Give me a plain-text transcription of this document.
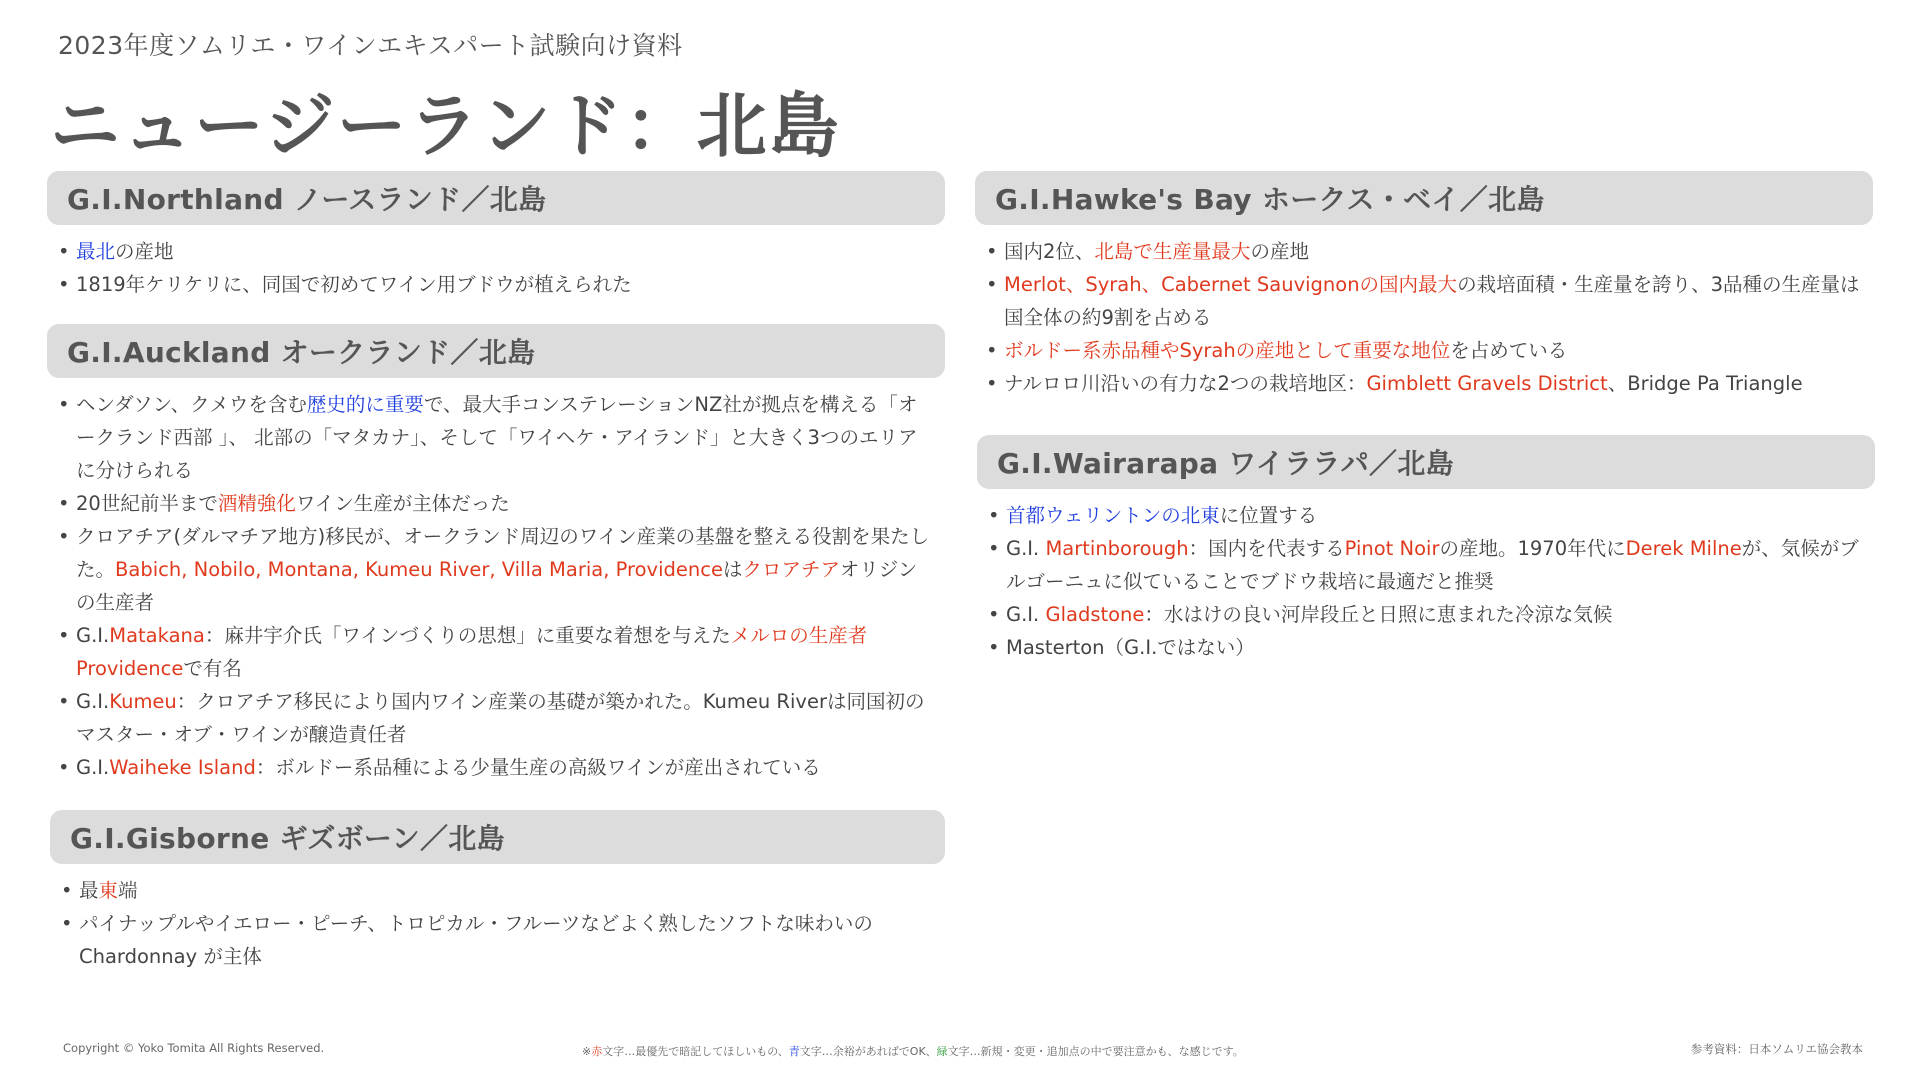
2023年度ソムリエ・ワインエキスパート試験向け資料
ニュージーランド：北島
G.I.Northland ノースランド／北島
• 最北の産地
• 1819年ケリケリに、同国で初めてワイン用ブドウが植えられた
G.I.Auckland オークランド／北島
• ヘンダソン、クメウを含む歴史的に重要で、最大手コンステレーションNZ社が拠点を構える「オークランド西部 」、 北部の「マタカナ」、そして「ワイヘケ・アイランド」と大きく3つのエリアに分けられる
• 20世紀前半まで酒精強化ワイン生産が主体だった
• クロアチア(ダルマチア地方)移民が、オークランド周辺のワイン産業の基盤を整える役割を果たした。Babich, Nobilo, Montana, Kumeu River, Villa Maria, Providenceはクロアチアオリジンの生産者
• G.I.Matakana：麻井宇介氏「ワインづくりの思想」に重要な着想を与えたメルロの生産者Providenceで有名
• G.I.Kumeu：クロアチア移民により国内ワイン産業の基礎が築かれた。Kumeu Riverは同国初のマスター・オブ・ワインが醸造責任者
• G.I.Waiheke Island：ボルドー系品種による少量生産の高級ワインが産出されている
G.I.Gisborne ギズボーン／北島
• 最東端
• パイナップルやイエロー・ピーチ、トロピカル・フルーツなどよく熟したソフトな味わいのChardonnay が主体
G.I.Hawke's Bay ホークス・ベイ／北島
• 国内2位、北島で生産量最大の産地
• Merlot、Syrah、Cabernet Sauvignonの国内最大の栽培面積・生産量を誇り、3品種の生産量は国全体の約9割を占める
• ボルドー系赤品種やSyrahの産地として重要な地位を占めている
• ナルロロ川沿いの有力な2つの栽培地区：Gimblett Gravels District、Bridge Pa Triangle
G.I.Wairarapa ワイララパ／北島
• 首都ウェリントンの北東に位置する
• G.I. Martinborough：国内を代表するPinot Noirの産地。1970年代にDerek Milneが、気候がブルゴーニュに似ていることでブドウ栽培に最適だと推奨
• G.I. Gladstone：水はけの良い河岸段丘と日照に恵まれた冷涼な気候
• Masterton（G.I.ではない）
Copyright © Yoko Tomita All Rights Reserved.	※赤文字…最優先で暗記してほしいもの、青文字…余裕があればでOK、緑文字…新規・変更・追加点の中で要注意かも、な感じです。	参考資料：日本ソムリエ協会教本
